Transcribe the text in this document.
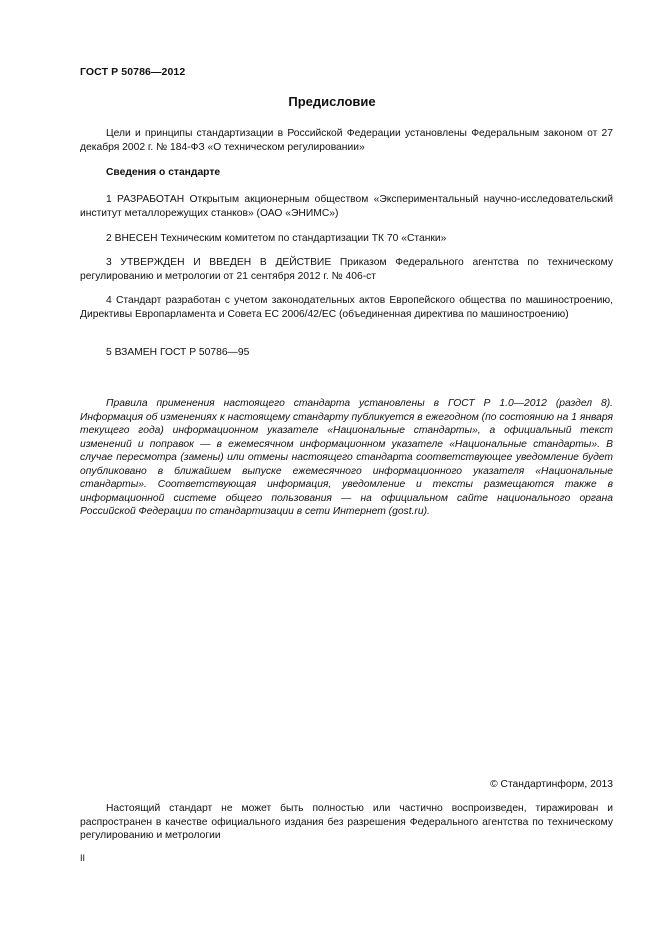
ГОСТ Р 50786—2012
Предисловие
Цели и принципы стандартизации в Российской Федерации установлены Федеральным законом от 27 декабря 2002 г. № 184-ФЗ «О техническом регулировании»
Сведения о стандарте
1 РАЗРАБОТАН Открытым акционерным обществом «Экспериментальный научно-исследовательский институт металлорежущих станков» (ОАО «ЭНИМС»)
2 ВНЕСЕН Техническим комитетом по стандартизации ТК 70 «Станки»
3 УТВЕРЖДЕН И ВВЕДЕН В ДЕЙСТВИЕ Приказом Федерального агентства по техническому регулированию и метрологии от 21 сентября 2012 г. № 406-ст
4 Стандарт разработан с учетом законодательных актов Европейского общества по машиностроению, Директивы Европарламента и Совета ЕС 2006/42/ЕС (объединенная директива по машиностроению)
5 ВЗАМЕН ГОСТ Р 50786—95
Правила применения настоящего стандарта установлены в ГОСТ Р 1.0—2012 (раздел 8). Информация об изменениях к настоящему стандарту публикуется в ежегодном (по состоянию на 1 января текущего года) информационном указателе «Национальные стандарты», а официальный текст изменений и поправок — в ежемесячном информационном указателе «Национальные стандарты». В случае пересмотра (замены) или отмены настоящего стандарта соответствующее уведомление будет опубликовано в ближайшем выпуске ежемесячного информационного указателя «Национальные стандарты». Соответствующая информация, уведомление и тексты размещаются также в информационной системе общего пользования — на официальном сайте национального органа Российской Федерации по стандартизации в сети Интернет (gost.ru).
© Стандартинформ, 2013
Настоящий стандарт не может быть полностью или частично воспроизведен, тиражирован и распространен в качестве официального издания без разрешения Федерального агентства по техническому регулированию и метрологии
II
